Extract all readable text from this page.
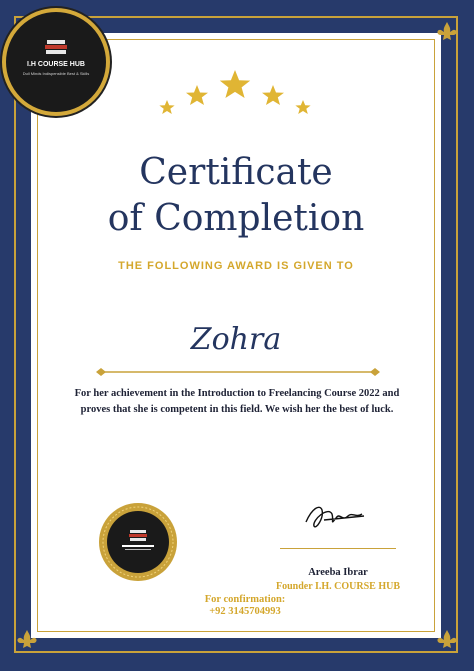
I.H COURSE HUB
Dull Minds Indispensible Best & Skills
Certificate
of Completion
THE FOLLOWING AWARD IS GIVEN TO
Zohra
For her achievement in the Introduction to Freelancing Course 2022 and proves that she is competent in this field. We wish her the best of luck.
Areeba Ibrar
Founder I.H. COURSE HUB
For confirmation:
+92 3145704993
